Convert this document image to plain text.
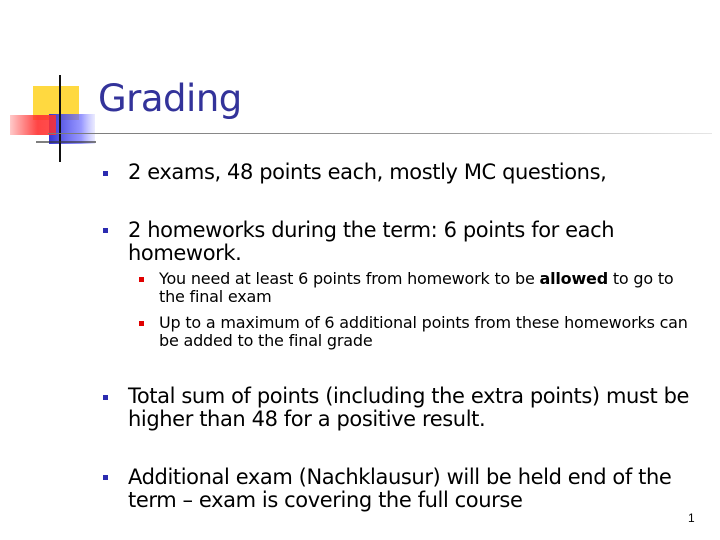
Grading
2 exams, 48 points each, mostly MC questions,
2 homeworks during the term: 6 points for each homework.
You need at least 6 points from homework to be allowed to go to the final exam
Up to a maximum of 6 additional points from these homeworks can be added to the final grade
Total sum of points (including the extra points) must be higher than 48 for a positive result.
Additional exam (Nachklausur) will be held end of the term – exam is covering the full course
1
